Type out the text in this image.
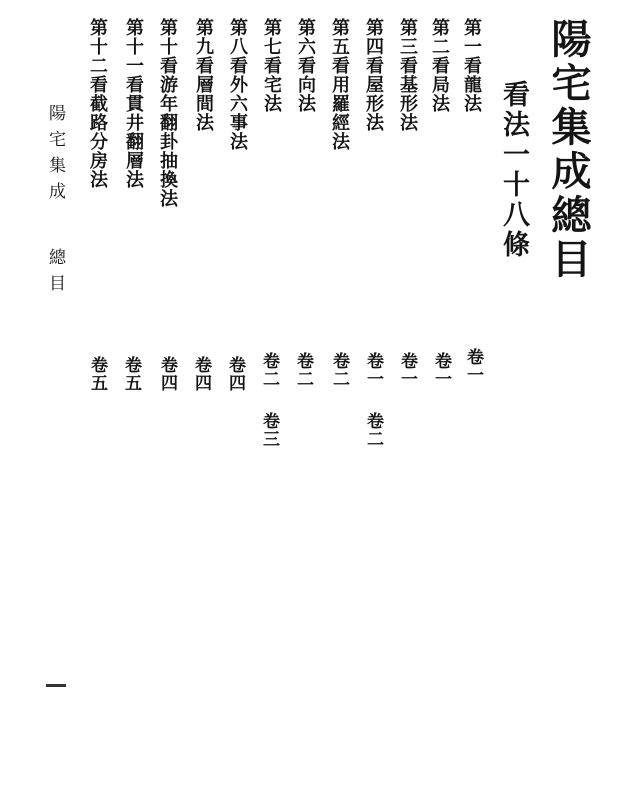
陽宅集成總目
看法一十八條
第一看龍法
第二看局法
第三看基形法
第四看屋形法
第五看用羅經法
第六看向法
第七看宅法
第八看外六事法
第九看層間法
第十看游年翻卦抽換法
第十一看貫井翻層法
第十二看截路分房法
卷一
卷一
卷一
卷一
卷二
卷二
卷二
卷二
卷三
卷四
卷四
卷四
卷五
卷五
陽宅集成
總目
